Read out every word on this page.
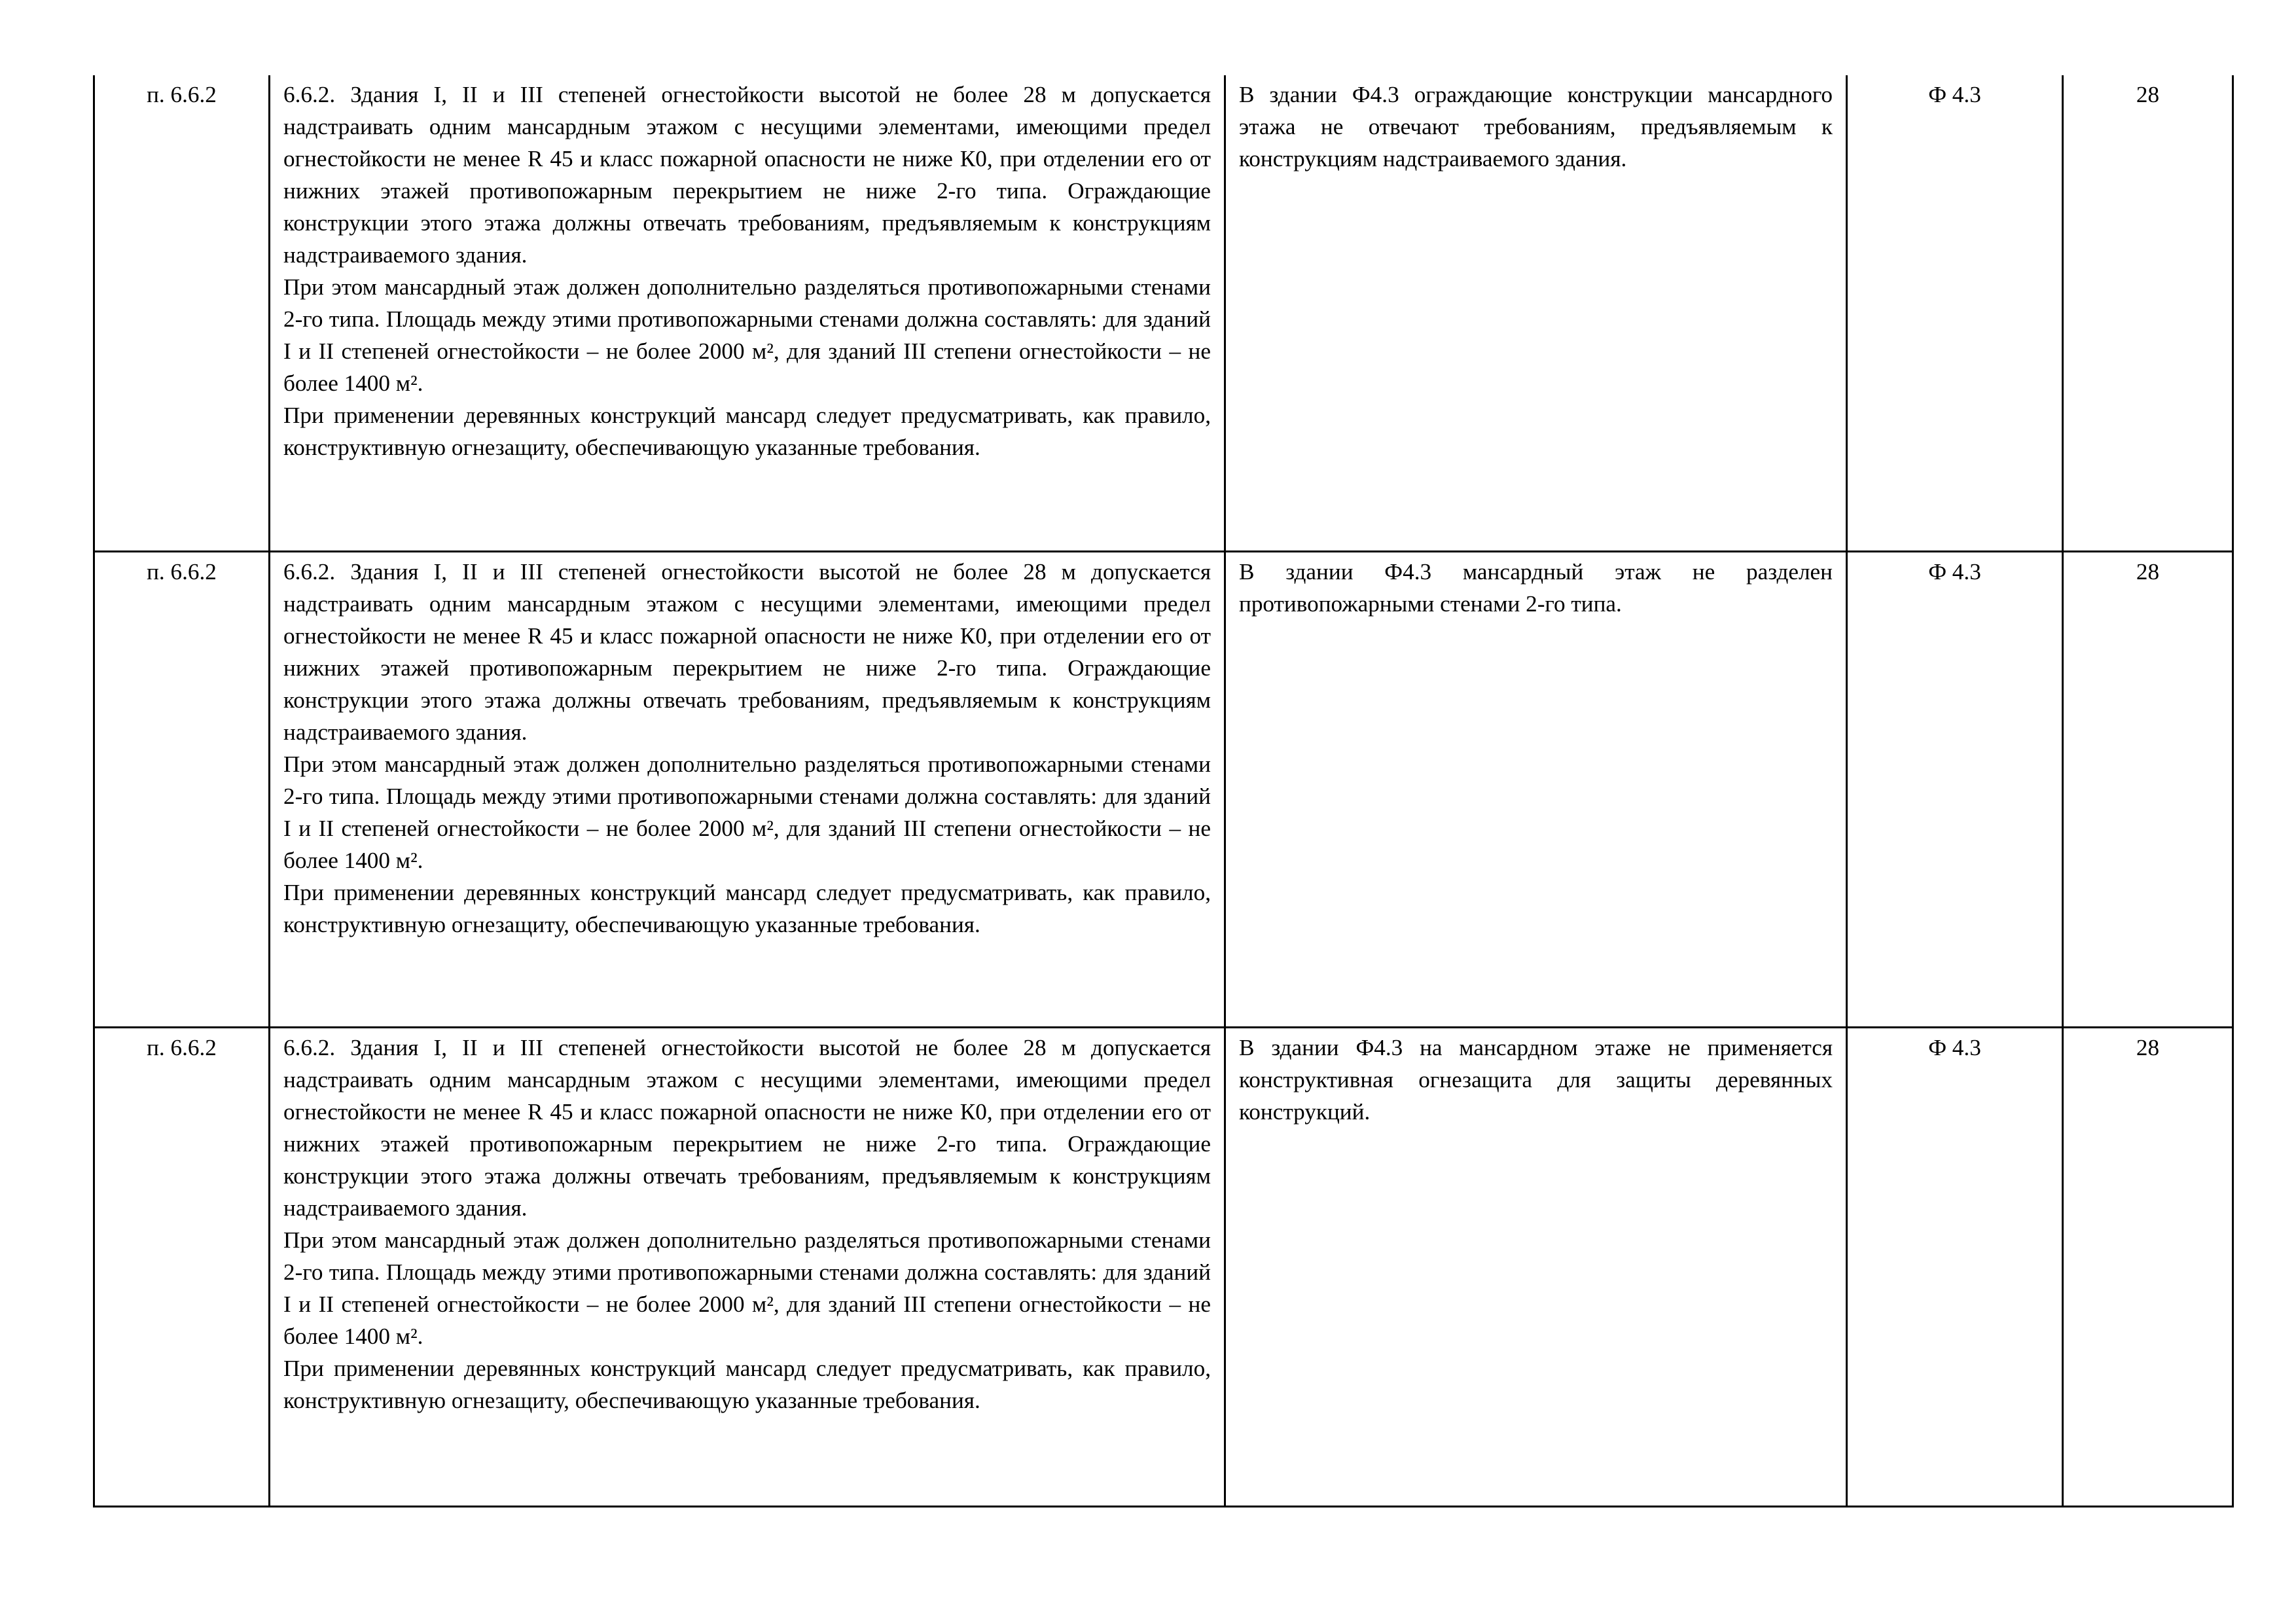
п. 6.6.2	6.6.2. Здания I, II и III степеней огнестойкости высотой не более 28 м допускается надстраивать одним мансардным этажом с несущими элементами, имеющими предел огнестойкости не менее R 45 и класс пожарной опасности не ниже К0, при отделении его от нижних этажей противопожарным перекрытием не ниже 2-го типа. Ограждающие конструкции этого этажа должны отвечать требованиям, предъявляемым к конструкциям надстраиваемого здания.
При этом мансардный этаж должен дополнительно разделяться противопожарными стенами 2-го типа. Площадь между этими противопожарными стенами должна составлять: для зданий I и II степеней огнестойкости – не более 2000 м², для зданий III степени огнестойкости – не более 1400 м².
При применении деревянных конструкций мансард следует предусматривать, как правило, конструктивную огнезащиту, обеспечивающую указанные требования.	В здании Ф4.3 ограждающие конструкции мансардного этажа не отвечают требованиям, предъявляемым к конструкциям надстраиваемого здания.	Ф 4.3	28
п. 6.6.2	6.6.2. Здания I, II и III степеней огнестойкости высотой не более 28 м допускается надстраивать одним мансардным этажом с несущими элементами, имеющими предел огнестойкости не менее R 45 и класс пожарной опасности не ниже К0, при отделении его от нижних этажей противопожарным перекрытием не ниже 2-го типа. Ограждающие конструкции этого этажа должны отвечать требованиям, предъявляемым к конструкциям надстраиваемого здания.
При этом мансардный этаж должен дополнительно разделяться противопожарными стенами 2-го типа. Площадь между этими противопожарными стенами должна составлять: для зданий I и II степеней огнестойкости – не более 2000 м², для зданий III степени огнестойкости – не более 1400 м².
При применении деревянных конструкций мансард следует предусматривать, как правило, конструктивную огнезащиту, обеспечивающую указанные требования.	В здании Ф4.3 мансардный этаж не разделен противопожарными стенами 2-го типа.	Ф 4.3	28
п. 6.6.2	6.6.2. Здания I, II и III степеней огнестойкости высотой не более 28 м допускается надстраивать одним мансардным этажом с несущими элементами, имеющими предел огнестойкости не менее R 45 и класс пожарной опасности не ниже К0, при отделении его от нижних этажей противопожарным перекрытием не ниже 2-го типа. Ограждающие конструкции этого этажа должны отвечать требованиям, предъявляемым к конструкциям надстраиваемого здания.
При этом мансардный этаж должен дополнительно разделяться противопожарными стенами 2-го типа. Площадь между этими противопожарными стенами должна составлять: для зданий I и II степеней огнестойкости – не более 2000 м², для зданий III степени огнестойкости – не более 1400 м².
При применении деревянных конструкций мансард следует предусматривать, как правило, конструктивную огнезащиту, обеспечивающую указанные требования.	В здании Ф4.3 на мансардном этаже не применяется конструктивная огнезащита для защиты деревянных конструкций.	Ф 4.3	28
